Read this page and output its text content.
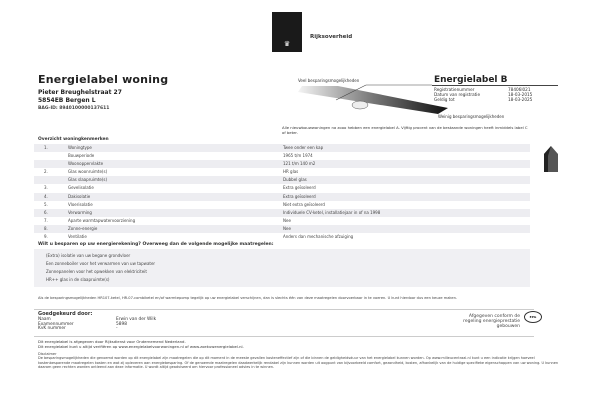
♛
Rijksoverheid
Energielabel woning
Pieter Breughelstraat 27
5854EB Bergen L
BAG-ID: 8940100000137611
Veel besparingsmogelijkheden
Weinig besparingsmogelijkheden
Energielabel B
Registratienummer	78406l021
Datum van registratie	18-03-2015
Geldig tot	18-03-2025
Alle nieuwbouwwoningen na zooo hebben een energielabel A. Vijftig procent van de bestaande woningen heeft inmiddels label C of beter.
Overzicht woningkenmerken
1.	Woningtype	Twee onder een kap
Bouwperiode	1965 t/m 1974
Woonoppervlakte	121 t/m 140 m2
2.	Glas woonruimte(s)	HR glas
Glas slaapruimte(s)	Dubbel glas
3.	Gevelisolatie	Extra geïsoleerd
4.	Dakisolatie	Extra geïsoleerd
5.	Vloerisolatie	Niet extra geïsoleerd
6.	Verwarming	Individuele CV-ketel, installatiejaar in of na 1998
7.	Aparte warmtapwatervoorziening	Nee
8.	Zonne-energie	Nee
9.	Ventilatie	Anders dan mechanische afzuiging
Wilt u besparen op uw energierekening? Overweeg dan de volgende mogelijke maatregelen:
(Extra) isolatie van uw begane grondvloer
Een zonneboiler voor het verwarmen van uw tapwater
Zonnepanelen voor het opwekken van elektriciteit
HR++ glas in de slaapruimte(s)
Als de besparingsmogelijkheden HR107-ketel, HR-07-combiketel en/of warmtepomp tegelijk op uw energielabel verschijnen, dan is slechts één van deze maatregelen doorvoerbaar in te voeren. U kunt hierdoor dus een keuze maken.
Goedgekeurd door:
Naam	Erwin van der Wilk
Examennummer	5898
KvK nummer	-
Afgegeven conform de
regeling energieprestatie gebouwen
EPG
Dit energielabel is afgegeven door Rijksdienst voor Ondernemend Nederland.
Dit energielabel kunt u altijd verifiëren op www.energielabelvoorwoningen.nl of www.zoekuwenergielabel.nl.
Disclaimer
De besparingsmogelijkheden die genoemd worden op dit energielabel zijn maatregelen die op dit moment in de meeste gevallen kosteneffectief zijn of die binnen de geldigheidsduur van het energielabel kunnen worden. Op www.milieucentraal.nl kunt u een indicatie krijgen hoeveel kostenbesparende maatregelen kosten en wat zij opleveren aan energiebesparing. Of de genoemde maatregelen daadwerkelijk rendabel zijn kunnen worden uit oogpunt van bijvoorbeeld comfort, gezondheid, kosten, afhankelijk van de huidige specifieke eigenschappen van uw woning. U kunnen daarom geen rechten worden ontleend aan deze informatie. U wordt altijd geadviseerd om hiervoor professioneel advies in te winnen.
